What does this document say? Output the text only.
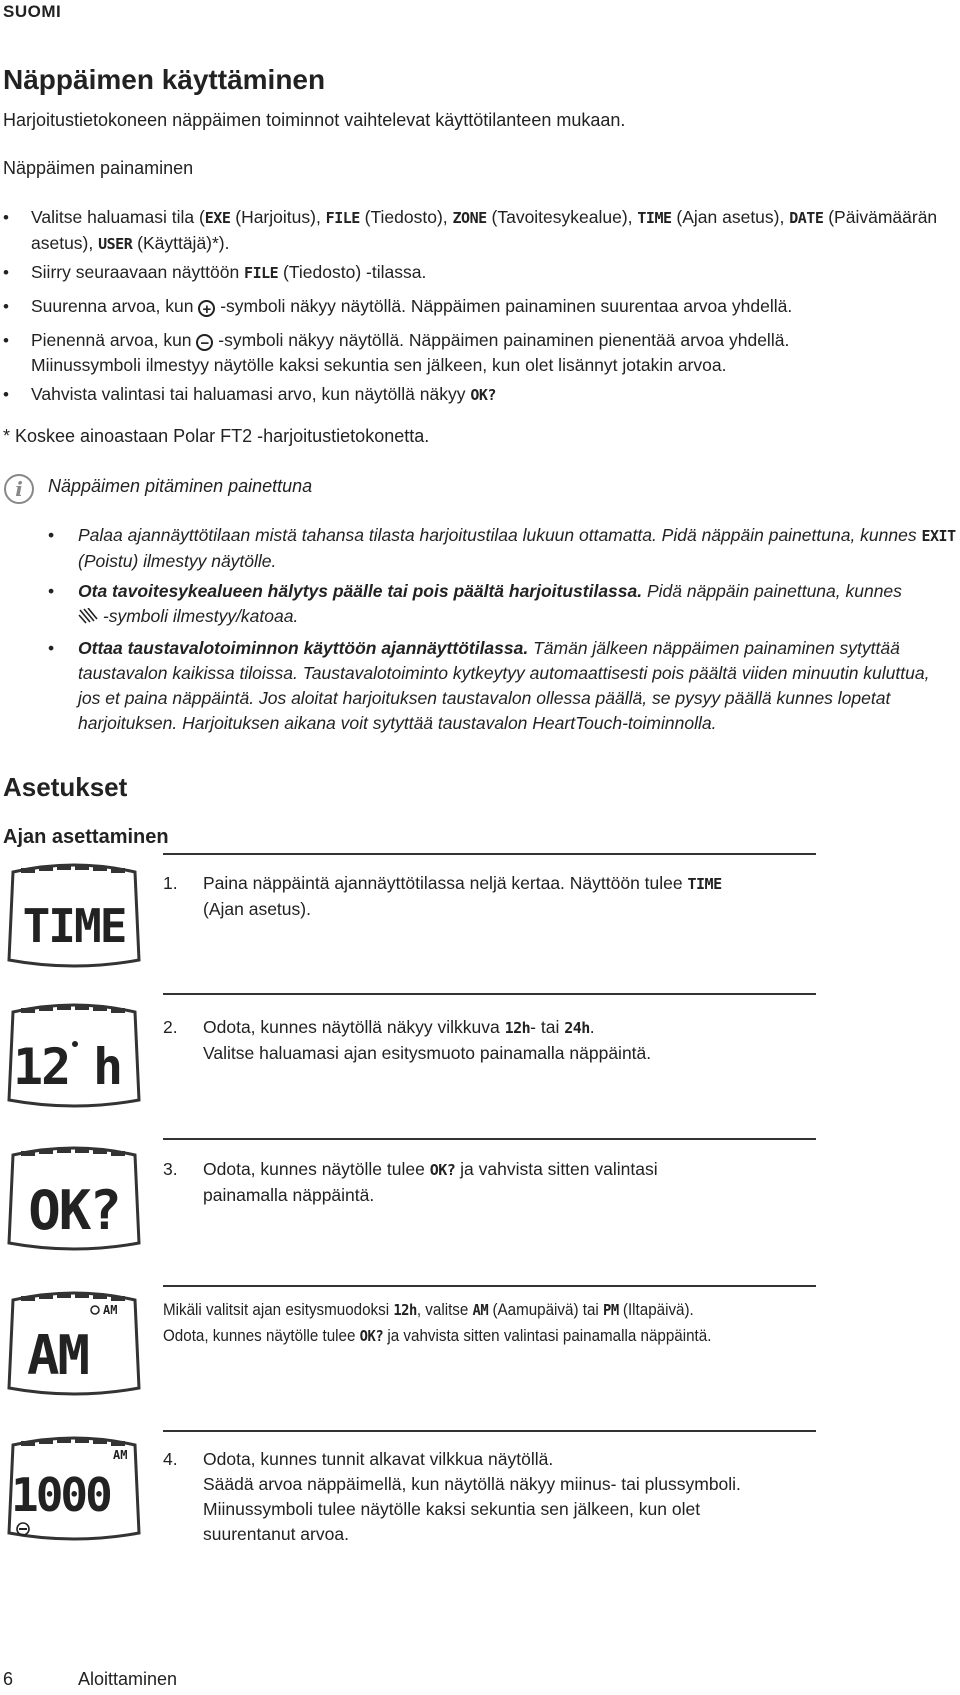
SUOMI
Näppäimen käyttäminen
Harjoitustietokoneen näppäimen toiminnot vaihtelevat käyttötilanteen mukaan.
Näppäimen painaminen
• Valitse haluamasi tila (EXE (Harjoitus), FILE (Tiedosto), ZONE (Tavoitesykealue), TIME (Ajan asetus), DATE (Päivämäärän asetus), USER (Käyttäjä)*).
• Siirry seuraavaan näyttöön FILE (Tiedosto) -tilassa.
• Suurenna arvoa, kun + -symboli näkyy näytöllä. Näppäimen painaminen suurentaa arvoa yhdellä.
• Pienennä arvoa, kun − -symboli näkyy näytöllä. Näppäimen painaminen pienentää arvoa yhdellä.
Miinussymboli ilmestyy näytölle kaksi sekuntia sen jälkeen, kun olet lisännyt jotakin arvoa.
• Vahvista valintasi tai haluamasi arvo, kun näytöllä näkyy OK?
* Koskee ainoastaan Polar FT2 -harjoitustietokonetta.
i	Näppäimen pitäminen painettuna
• Palaa ajannäyttötilaan mistä tahansa tilasta harjoitustilaa lukuun ottamatta. Pidä näppäin painettuna, kunnes EXIT (Poistu) ilmestyy näytölle.
• Ota tavoitesykealueen hälytys päälle tai pois päältä harjoitustilassa. Pidä näppäin painettuna, kunnes
-symboli ilmestyy/katoaa.
• Ottaa taustavalotoiminnon käyttöön ajannäyttötilassa. Tämän jälkeen näppäimen painaminen sytyttää taustavalon kaikissa tiloissa. Taustavalotoiminto kytkeytyy automaattisesti pois päältä viiden minuutin kuluttua, jos et paina näppäintä. Jos aloitat harjoituksen taustavalon ollessa päällä, se pysyy päällä kunnes lopetat harjoituksen. Harjoituksen aikana voit sytyttää taustavalon HeartTouch-toiminnolla.
Asetukset
Ajan asettaminen
1. Paina näppäintä ajannäyttötilassa neljä kertaa. Näyttöön tulee TIME
(Ajan asetus).
2. Odota, kunnes näytöllä näkyy vilkkuva 12h- tai 24h.
Valitse haluamasi ajan esitysmuoto painamalla näppäintä.
3. Odota, kunnes näytölle tulee OK? ja vahvista sitten valintasi
painamalla näppäintä.
Mikäli valitsit ajan esitysmuodoksi 12h, valitse AM (Aamupäivä) tai PM (Iltapäivä).
Odota, kunnes näytölle tulee OK? ja vahvista sitten valintasi painamalla näppäintä.
4. Odota, kunnes tunnit alkavat vilkkua näytöllä.
Säädä arvoa näppäimellä, kun näytöllä näkyy miinus- tai plussymboli.
Miinussymboli tulee näytölle kaksi sekuntia sen jälkeen, kun olet
suurentanut arvoa.
TIME
12 h
OK?
AM
AM
AM
1000
6	Aloittaminen
